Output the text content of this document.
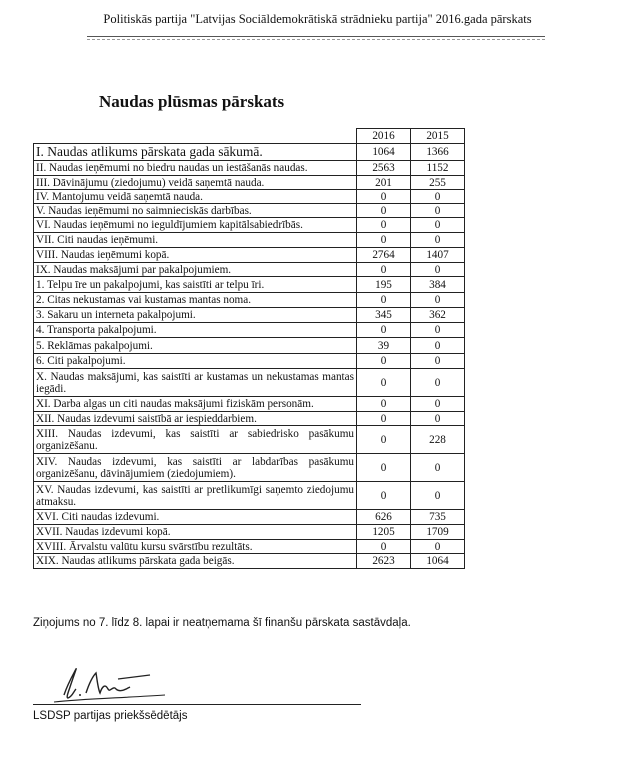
Politiskās partija "Latvijas Sociāldemokrātiskā strādnieku partija" 2016.gada pārskats
Naudas plūsmas pārskats
	2016	2015
I. Naudas atlikums pārskata gada sākumā.	1064	1366
II. Naudas ieņēmumi no biedru naudas un iestāšanās naudas.	2563	1152
III. Dāvinājumu (ziedojumu) veidā saņemtā nauda.	201	255
IV. Mantojumu veidā saņemtā nauda.	0	0
V. Naudas ieņēmumi no saimnieciskās darbības.	0	0
VI. Naudas ieņēmumi no ieguldījumiem kapitālsabiedrībās.	0	0
VII. Citi naudas ieņēmumi.	0	0
VIII. Naudas ieņēmumi kopā.	2764	1407
IX. Naudas maksājumi par pakalpojumiem.	0	0
1. Telpu īre un pakalpojumi, kas saistīti ar telpu īri.	195	384
2. Citas nekustamas vai kustamas mantas noma.	0	0
3. Sakaru un interneta pakalpojumi.	345	362
4. Transporta pakalpojumi.	0	0
5. Reklāmas pakalpojumi.	39	0
6. Citi pakalpojumi.	0	0
X. Naudas maksājumi, kas saistīti ar kustamas un nekustamas mantas iegādi.	0	0
XI. Darba algas un citi naudas maksājumi fiziskām personām.	0	0
XII. Naudas izdevumi saistībā ar iespieddarbiem.	0	0
XIII. Naudas izdevumi, kas saistīti ar sabiedrisko pasākumu organizēšanu.	0	228
XIV. Naudas izdevumi, kas saistīti ar labdarības pasākumu organizēšanu, dāvinājumiem (ziedojumiem).	0	0
XV. Naudas izdevumi, kas saistīti ar pretlikumīgi saņemto ziedojumu atmaksu.	0	0
XVI. Citi naudas izdevumi.	626	735
XVII. Naudas izdevumi kopā.	1205	1709
XVIII. Ārvalstu valūtu kursu svārstību rezultāts.	0	0
XIX. Naudas atlikums pārskata gada beigās.	2623	1064
Ziņojums no 7. līdz 8. lapai ir neatņemama šī finanšu pārskata sastāvdaļa.
LSDSP partijas priekšsēdētājs
